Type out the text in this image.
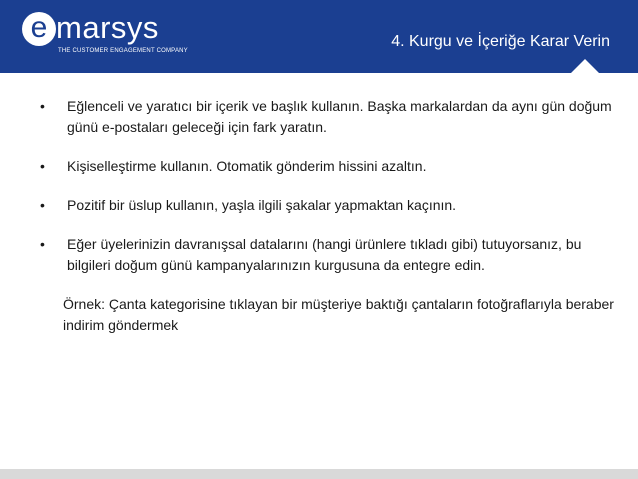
e marsys
THE CUSTOMER ENGAGEMENT COMPANY
4. Kurgu ve İçeriğe Karar Verin
•	Eğlenceli ve yaratıcı bir içerik ve başlık kullanın. Başka markalardan da aynı gün doğum günü e-postaları geleceği için fark yaratın.
•	Kişiselleştirme kullanın. Otomatik gönderim hissini azaltın.
•	Pozitif bir üslup kullanın, yaşla ilgili şakalar yapmaktan kaçının.
•	Eğer üyelerinizin davranışsal datalarını (hangi ürünlere tıkladı gibi) tutuyorsanız, bu bilgileri doğum günü kampanyalarınızın kurgusuna da entegre edin.
Örnek: Çanta kategorisine tıklayan bir müşteriye baktığı çantaların fotoğraflarıyla beraber indirim göndermek
